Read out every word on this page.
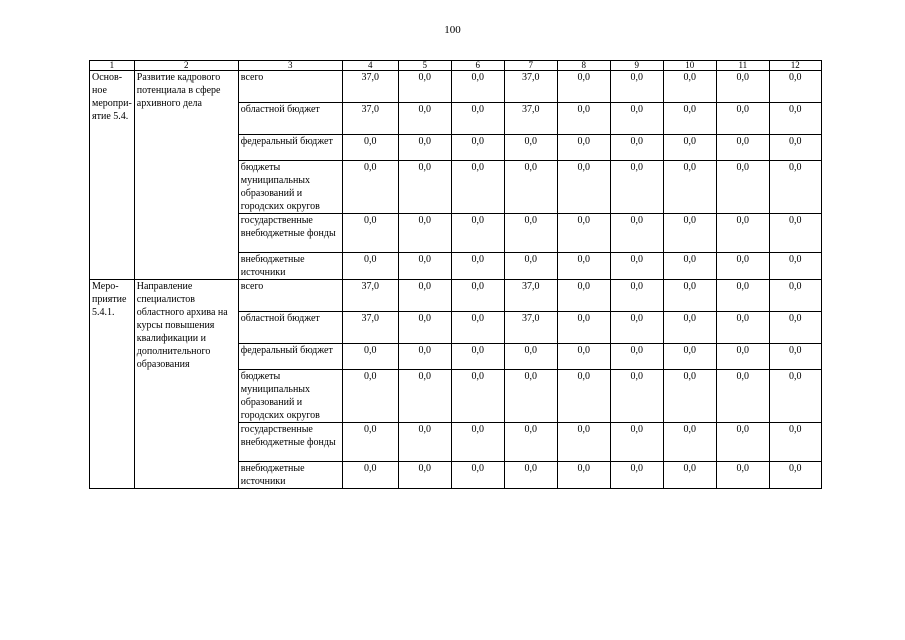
100
1	2	3	4	5	6	7	8	9	10	11	12
Основ-ное меропри-ятие 5.4.	Развитие кадрового потенциала в сфере архивного дела	всего	37,0	0,0	0,0	37,0	0,0	0,0	0,0	0,0	0,0
		областной бюджет	37,0	0,0	0,0	37,0	0,0	0,0	0,0	0,0	0,0
		федеральный бюджет	0,0	0,0	0,0	0,0	0,0	0,0	0,0	0,0	0,0
		бюджеты муниципальных образований и городских округов	0,0	0,0	0,0	0,0	0,0	0,0	0,0	0,0	0,0
		государственные внебюджетные фонды	0,0	0,0	0,0	0,0	0,0	0,0	0,0	0,0	0,0
		внебюджетные источники	0,0	0,0	0,0	0,0	0,0	0,0	0,0	0,0	0,0
Меро-приятие 5.4.1.	Направление специалистов областного архива на курсы повышения квалификации и дополнительного образования	всего	37,0	0,0	0,0	37,0	0,0	0,0	0,0	0,0	0,0
		областной бюджет	37,0	0,0	0,0	37,0	0,0	0,0	0,0	0,0	0,0
		федеральный бюджет	0,0	0,0	0,0	0,0	0,0	0,0	0,0	0,0	0,0
		бюджеты муниципальных образований и городских округов	0,0	0,0	0,0	0,0	0,0	0,0	0,0	0,0	0,0
		государственные внебюджетные фонды	0,0	0,0	0,0	0,0	0,0	0,0	0,0	0,0	0,0
		внебюджетные источники	0,0	0,0	0,0	0,0	0,0	0,0	0,0	0,0	0,0
